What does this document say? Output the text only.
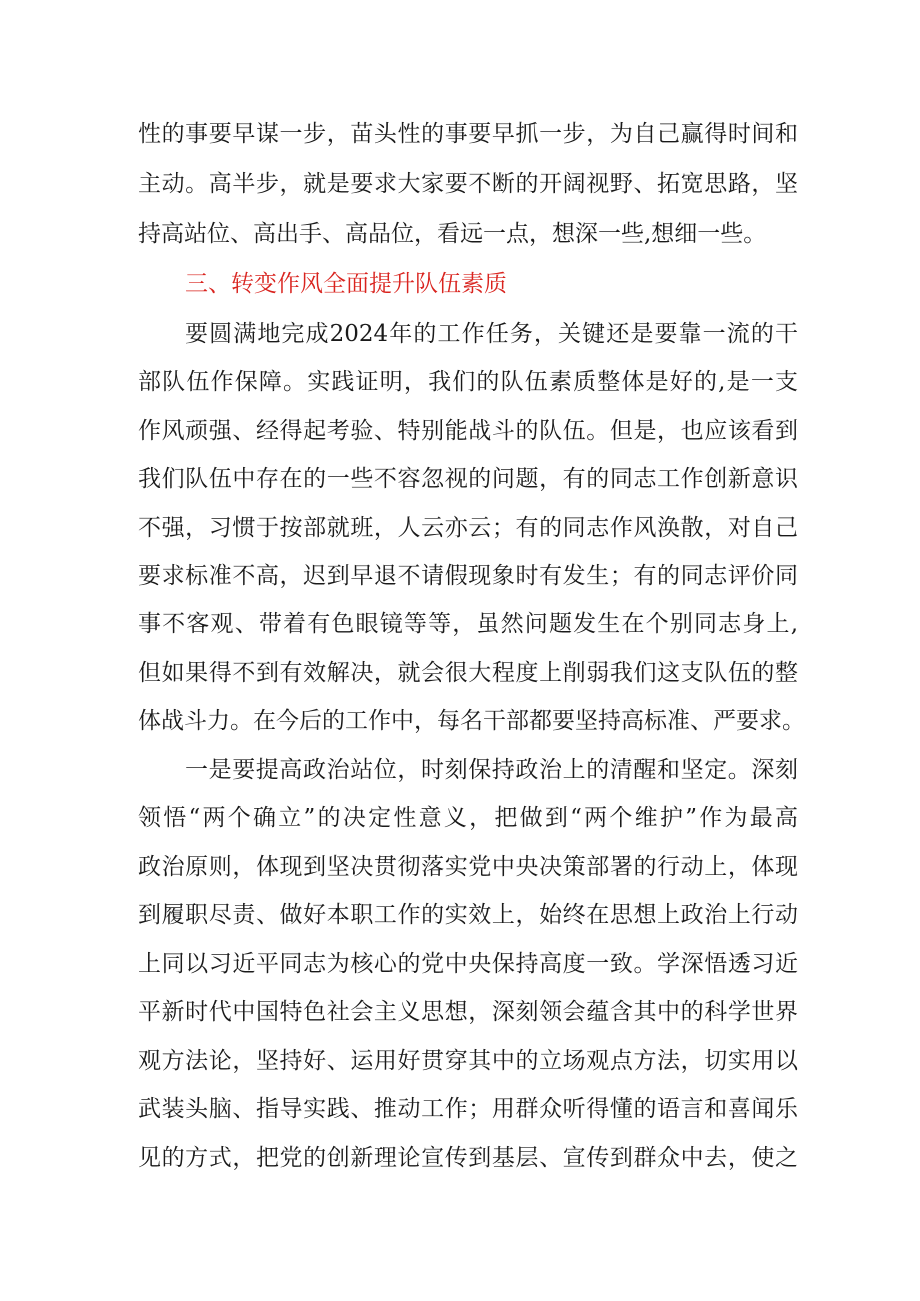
性的事要早谋一步，苗头性的事要早抓一步，为自己赢得时间和
主动。高半步，就是要求大家要不断的开阔视野、拓宽思路，坚
持高站位、高出手、高品位，看远一点，想深一些,想细一些。
三、转变作风全面提升队伍素质
要圆满地完成2024年的工作任务，关键还是要靠一流的干
部队伍作保障。实践证明，我们的队伍素质整体是好的,是一支
作风顽强、经得起考验、特别能战斗的队伍。但是，也应该看到
我们队伍中存在的一些不容忽视的问题，有的同志工作创新意识
不强，习惯于按部就班，人云亦云；有的同志作风涣散，对自己
要求标准不高，迟到早退不请假现象时有发生；有的同志评价同
事不客观、带着有色眼镜等等，虽然问题发生在个别同志身上,
但如果得不到有效解决，就会很大程度上削弱我们这支队伍的整
体战斗力。在今后的工作中，每名干部都要坚持高标准、严要求。
一是要提高政治站位，时刻保持政治上的清醒和坚定。深刻
领悟“两个确立”的决定性意义，把做到“两个维护”作为最高
政治原则，体现到坚决贯彻落实党中央决策部署的行动上，体现
到履职尽责、做好本职工作的实效上，始终在思想上政治上行动
上同以习近平同志为核心的党中央保持高度一致。学深悟透习近
平新时代中国特色社会主义思想，深刻领会蕴含其中的科学世界
观方法论，坚持好、运用好贯穿其中的立场观点方法，切实用以
武装头脑、指导实践、推动工作；用群众听得懂的语言和喜闻乐
见的方式，把党的创新理论宣传到基层、宣传到群众中去，使之
